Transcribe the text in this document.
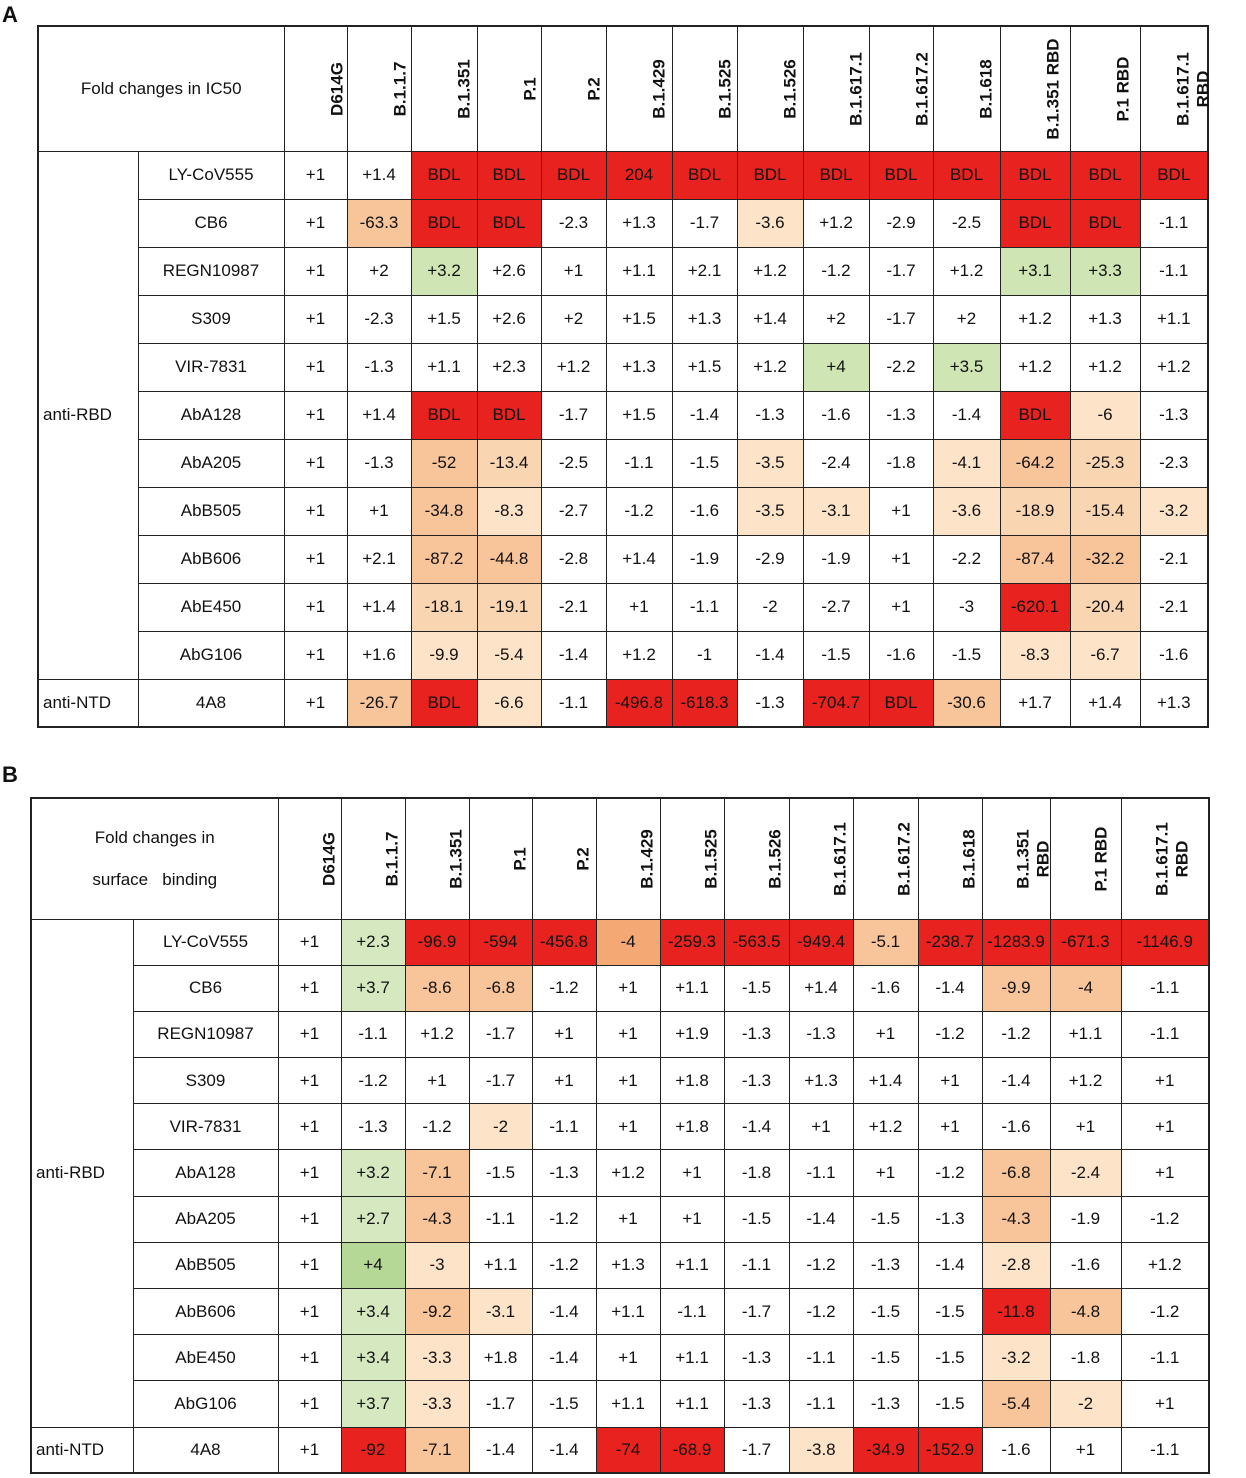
A
Fold changes in IC50		D614G	B.1.1.7	B.1.351	P.1	P.2	B.1.429	B.1.525	B.1.526	B.1.617.1	B.1.617.2	B.1.618	B.1.351 RBD	P.1 RBD	B.1.617.1 RBD
anti-RBD	LY-CoV555	+1	+1.4	BDL	BDL	BDL	204	BDL	BDL	BDL	BDL	BDL	BDL	BDL	BDL
	CB6	+1	-63.3	BDL	BDL	-2.3	+1.3	-1.7	-3.6	+1.2	-2.9	-2.5	BDL	BDL	-1.1
	REGN10987	+1	+2	+3.2	+2.6	+1	+1.1	+2.1	+1.2	-1.2	-1.7	+1.2	+3.1	+3.3	-1.1
	S309	+1	-2.3	+1.5	+2.6	+2	+1.5	+1.3	+1.4	+2	-1.7	+2	+1.2	+1.3	+1.1
	VIR-7831	+1	-1.3	+1.1	+2.3	+1.2	+1.3	+1.5	+1.2	+4	-2.2	+3.5	+1.2	+1.2	+1.2
	AbA128	+1	+1.4	BDL	BDL	-1.7	+1.5	-1.4	-1.3	-1.6	-1.3	-1.4	BDL	-6	-1.3
	AbA205	+1	-1.3	-52	-13.4	-2.5	-1.1	-1.5	-3.5	-2.4	-1.8	-4.1	-64.2	-25.3	-2.3
	AbB505	+1	+1	-34.8	-8.3	-2.7	-1.2	-1.6	-3.5	-3.1	+1	-3.6	-18.9	-15.4	-3.2
	AbB606	+1	+2.1	-87.2	-44.8	-2.8	+1.4	-1.9	-2.9	-1.9	+1	-2.2	-87.4	-32.2	-2.1
	AbE450	+1	+1.4	-18.1	-19.1	-2.1	+1	-1.1	-2	-2.7	+1	-3	-620.1	-20.4	-2.1
	AbG106	+1	+1.6	-9.9	-5.4	-1.4	+1.2	-1	-1.4	-1.5	-1.6	-1.5	-8.3	-6.7	-1.6
anti-NTD	4A8	+1	-26.7	BDL	-6.6	-1.1	-496.8	-618.3	-1.3	-704.7	BDL	-30.6	+1.7	+1.4	+1.3
B
Fold changes in
surface   binding		D614G	B.1.1.7	B.1.351	P.1	P.2	B.1.429	B.1.525	B.1.526	B.1.617.1	B.1.617.2	B.1.618	B.1.351 RBD	P.1 RBD	B.1.617.1 RBD
anti-RBD	LY-CoV555	+1	+2.3	-96.9	-594	-456.8	-4	-259.3	-563.5	-949.4	-5.1	-238.7	-1283.9	-671.3	-1146.9
	CB6	+1	+3.7	-8.6	-6.8	-1.2	+1	+1.1	-1.5	+1.4	-1.6	-1.4	-9.9	-4	-1.1
	REGN10987	+1	-1.1	+1.2	-1.7	+1	+1	+1.9	-1.3	-1.3	+1	-1.2	-1.2	+1.1	-1.1
	S309	+1	-1.2	+1	-1.7	+1	+1	+1.8	-1.3	+1.3	+1.4	+1	-1.4	+1.2	+1
	VIR-7831	+1	-1.3	-1.2	-2	-1.1	+1	+1.8	-1.4	+1	+1.2	+1	-1.6	+1	+1
	AbA128	+1	+3.2	-7.1	-1.5	-1.3	+1.2	+1	-1.8	-1.1	+1	-1.2	-6.8	-2.4	+1
	AbA205	+1	+2.7	-4.3	-1.1	-1.2	+1	+1	-1.5	-1.4	-1.5	-1.3	-4.3	-1.9	-1.2
	AbB505	+1	+4	-3	+1.1	-1.2	+1.3	+1.1	-1.1	-1.2	-1.3	-1.4	-2.8	-1.6	+1.2
	AbB606	+1	+3.4	-9.2	-3.1	-1.4	+1.1	-1.1	-1.7	-1.2	-1.5	-1.5	-11.8	-4.8	-1.2
	AbE450	+1	+3.4	-3.3	+1.8	-1.4	+1	+1.1	-1.3	-1.1	-1.5	-1.5	-3.2	-1.8	-1.1
	AbG106	+1	+3.7	-3.3	-1.7	-1.5	+1.1	+1.1	-1.3	-1.1	-1.3	-1.5	-5.4	-2	+1
anti-NTD	4A8	+1	-92	-7.1	-1.4	-1.4	-74	-68.9	-1.7	-3.8	-34.9	-152.9	-1.6	+1	-1.1
